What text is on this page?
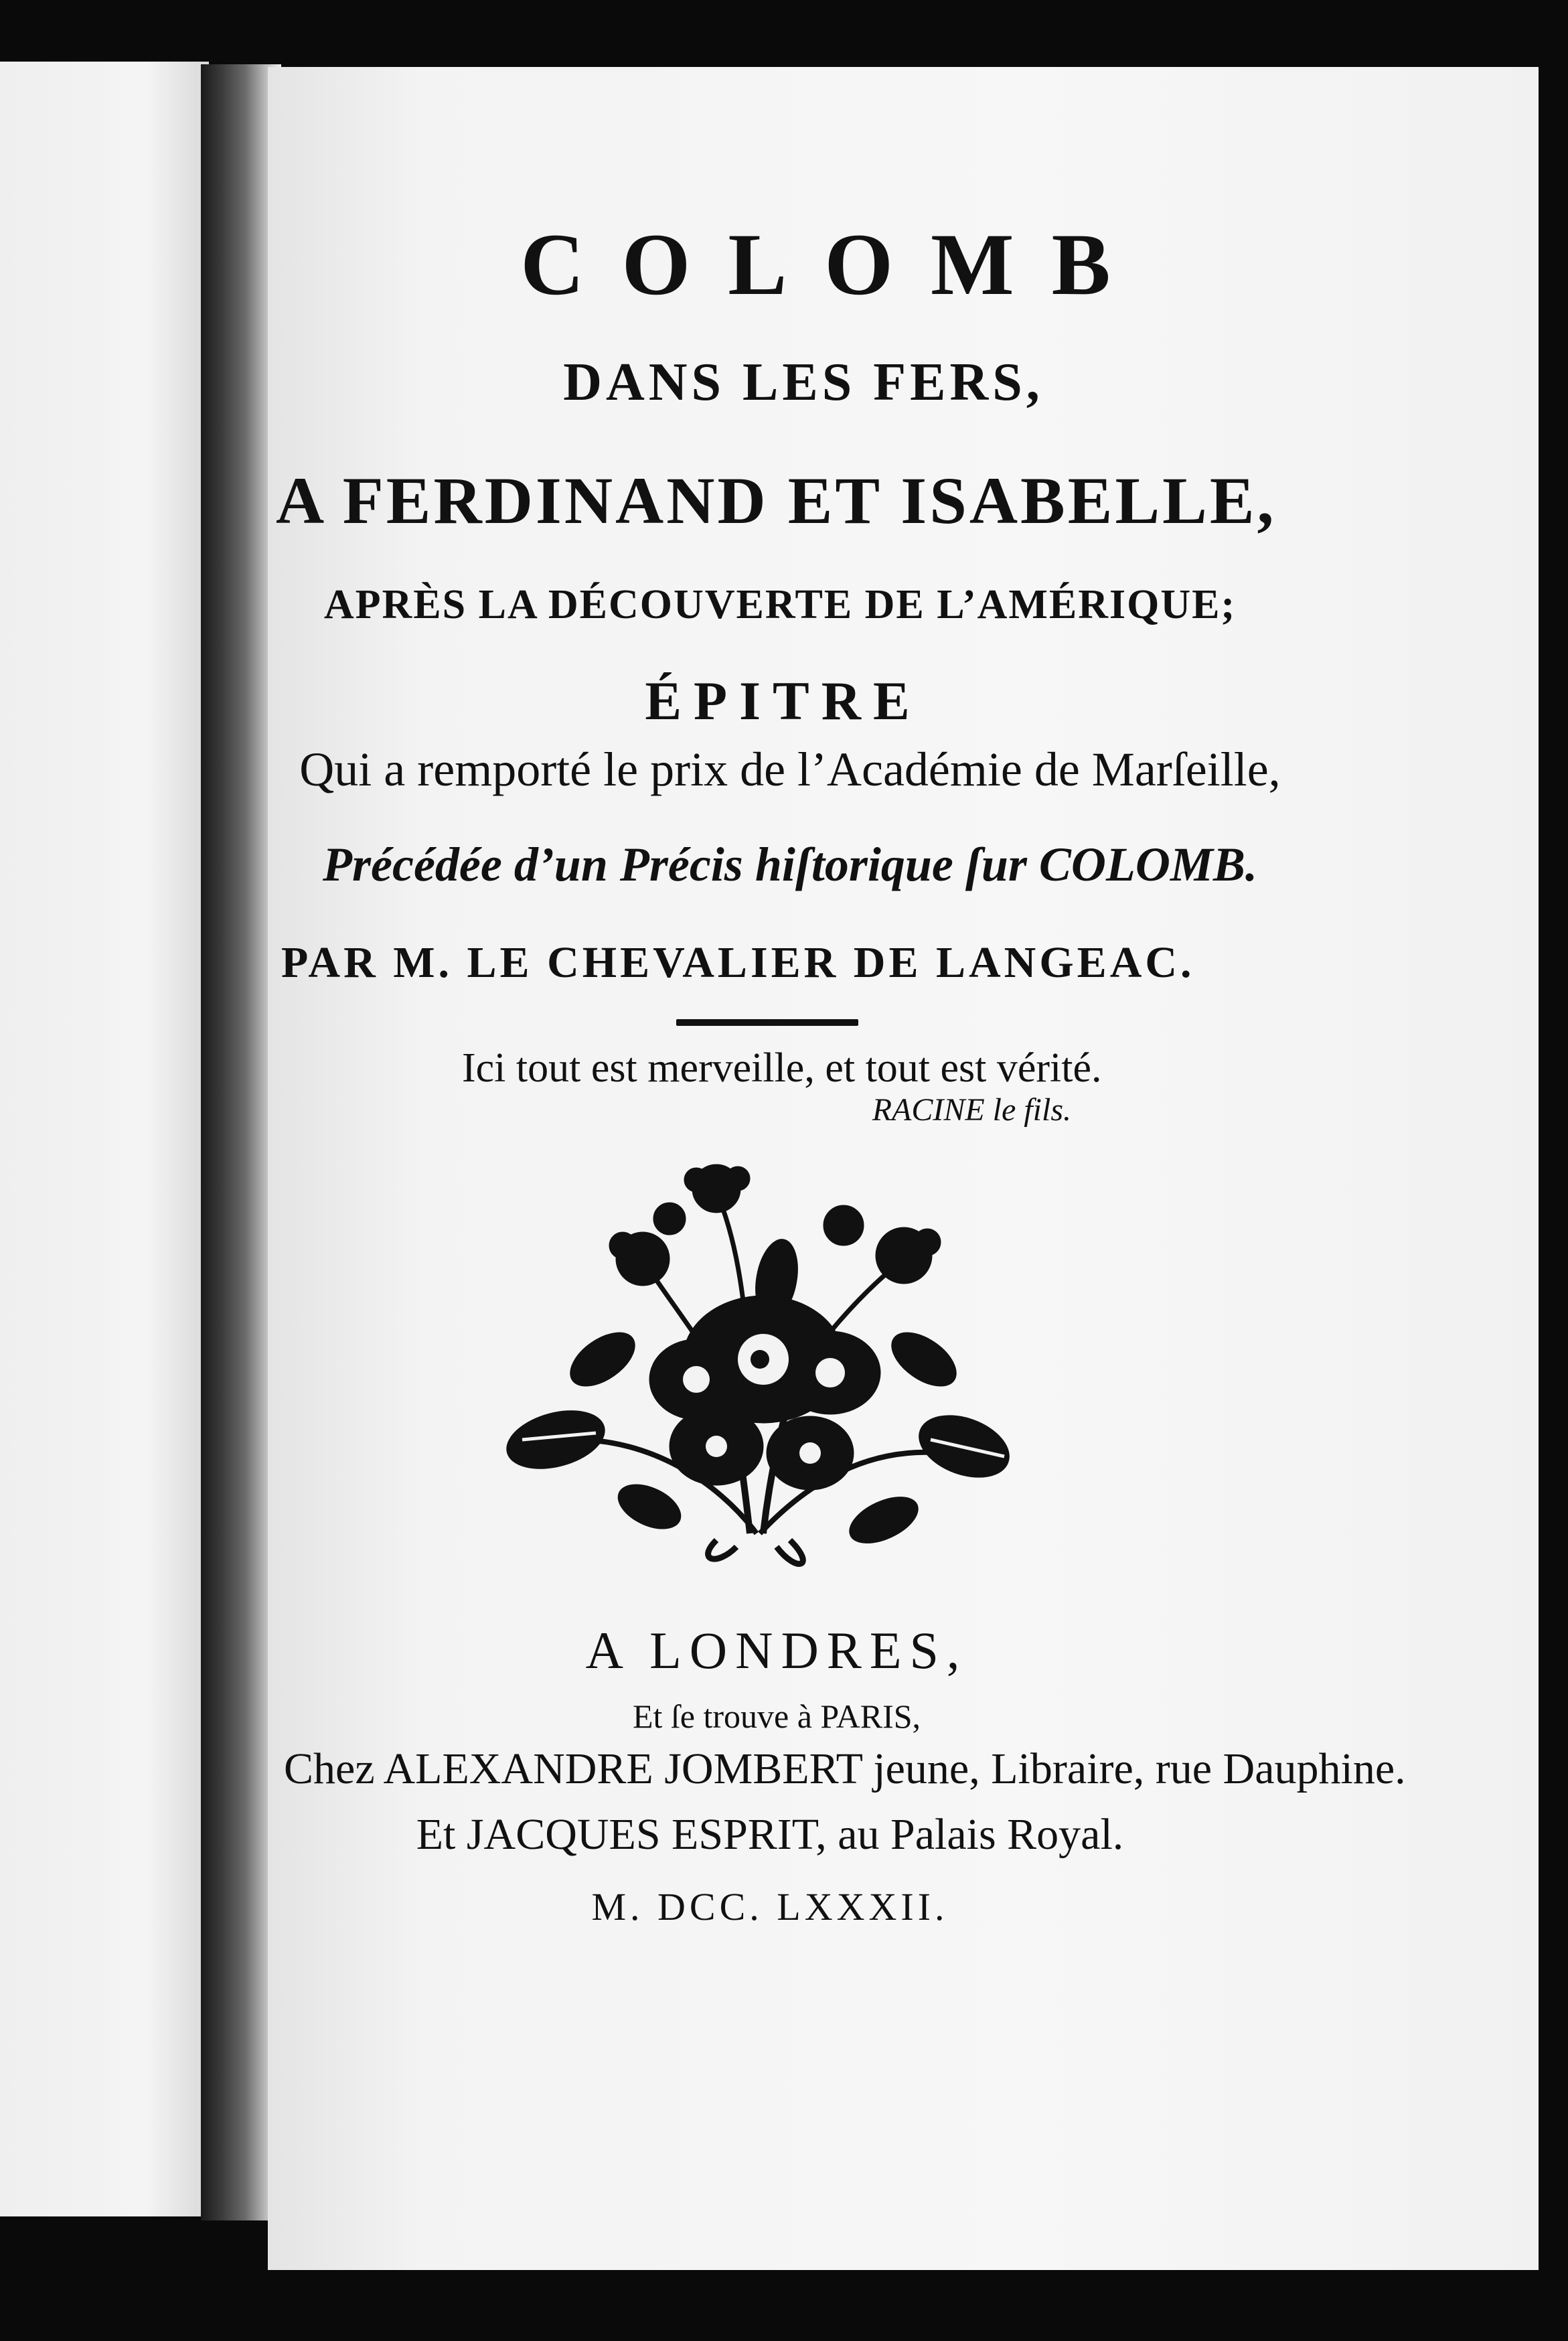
COLOMB
DANS LES FERS,
A FERDINAND ET ISABELLE,
APRÈS LA DÉCOUVERTE DE L’AMÉRIQUE;
ÉPITRE
Qui a remporté le prix de l’Académie de Marſeille,
Précédée d’un Précis hiſtorique ſur COLOMB.
PAR M. LE CHEVALIER DE LANGEAC.
Ici tout est merveille, et tout est vérité.
RACINE le fils.
A LONDRES,
Et ſe trouve à PARIS,
Chez ALEXANDRE JOMBERT jeune, Libraire, rue Dauphine.
Et JACQUES ESPRIT, au Palais Royal.
M. DCC. LXXXII.
